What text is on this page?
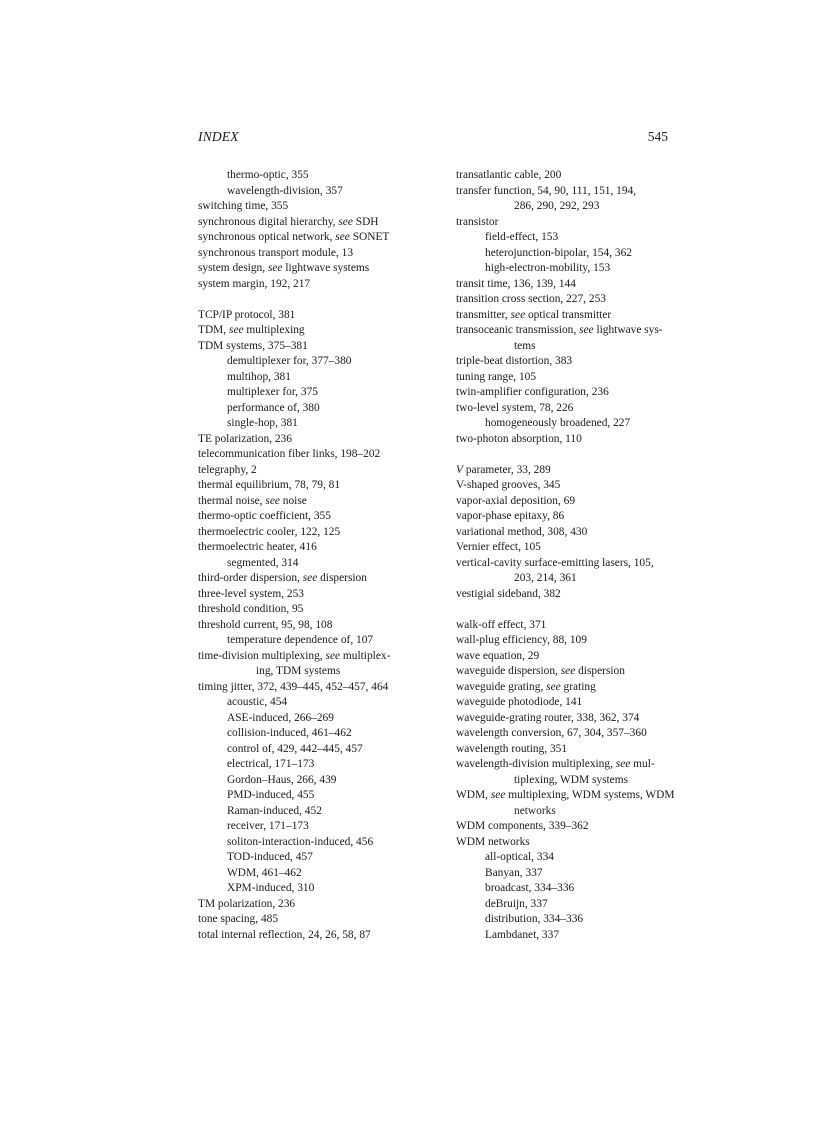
INDEX	545
thermo-optic, 355
wavelength-division, 357
switching time, 355
synchronous digital hierarchy, see SDH
synchronous optical network, see SONET
synchronous transport module, 13
system design, see lightwave systems
system margin, 192, 217
TCP/IP protocol, 381
TDM, see multiplexing
TDM systems, 375–381
demultiplexer for, 377–380
multihop, 381
multiplexer for, 375
performance of, 380
single-hop, 381
TE polarization, 236
telecommunication fiber links, 198–202
telegraphy, 2
thermal equilibrium, 78, 79, 81
thermal noise, see noise
thermo-optic coefficient, 355
thermoelectric cooler, 122, 125
thermoelectric heater, 416
segmented, 314
third-order dispersion, see dispersion
three-level system, 253
threshold condition, 95
threshold current, 95, 98, 108
temperature dependence of, 107
time-division multiplexing, see multiplex-
ing, TDM systems
timing jitter, 372, 439–445, 452–457, 464
acoustic, 454
ASE-induced, 266–269
collision-induced, 461–462
control of, 429, 442–445, 457
electrical, 171–173
Gordon–Haus, 266, 439
PMD-induced, 455
Raman-induced, 452
receiver, 171–173
soliton-interaction-induced, 456
TOD-induced, 457
WDM, 461–462
XPM-induced, 310
TM polarization, 236
tone spacing, 485
total internal reflection, 24, 26, 58, 87
transatlantic cable, 200
transfer function, 54, 90, 111, 151, 194,
286, 290, 292, 293
transistor
field-effect, 153
heterojunction-bipolar, 154, 362
high-electron-mobility, 153
transit time, 136, 139, 144
transition cross section, 227, 253
transmitter, see optical transmitter
transoceanic transmission, see lightwave sys-
tems
triple-beat distortion, 383
tuning range, 105
twin-amplifier configuration, 236
two-level system, 78, 226
homogeneously broadened, 227
two-photon absorption, 110
V parameter, 33, 289
V-shaped grooves, 345
vapor-axial deposition, 69
vapor-phase epitaxy, 86
variational method, 308, 430
Vernier effect, 105
vertical-cavity surface-emitting lasers, 105,
203, 214, 361
vestigial sideband, 382
walk-off effect, 371
wall-plug efficiency, 88, 109
wave equation, 29
waveguide dispersion, see dispersion
waveguide grating, see grating
waveguide photodiode, 141
waveguide-grating router, 338, 362, 374
wavelength conversion, 67, 304, 357–360
wavelength routing, 351
wavelength-division multiplexing, see mul-
tiplexing, WDM systems
WDM, see multiplexing, WDM systems, WDM
networks
WDM components, 339–362
WDM networks
all-optical, 334
Banyan, 337
broadcast, 334–336
deBruijn, 337
distribution, 334–336
Lambdanet, 337
